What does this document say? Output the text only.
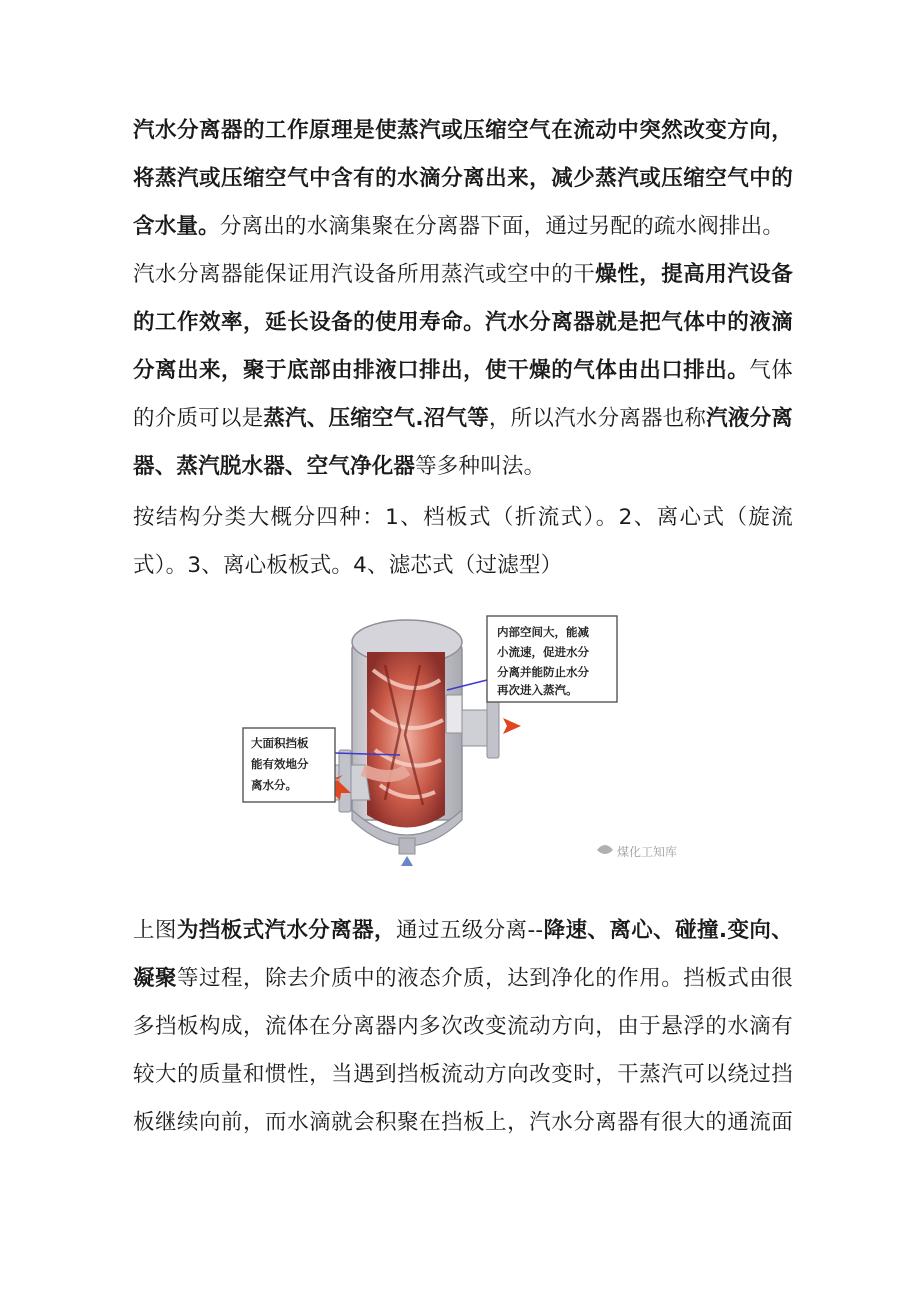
汽水分离器的工作原理是使蒸汽或压缩空气在流动中突然改变方向，
将蒸汽或压缩空气中含有的水滴分离出来，减少蒸汽或压缩空气中的
含水量。分离出的水滴集聚在分离器下面，通过另配的疏水阀排出。
汽水分离器能保证用汽设备所用蒸汽或空中的干燥性，提高用汽设备
的工作效率，延长设备的使用寿命。汽水分离器就是把气体中的液滴
分离出来，聚于底部由排液口排出，使干燥的气体由出口排出。气体
的介质可以是蒸汽、压缩空气.沼气等，所以汽水分离器也称汽液分离
器、蒸汽脱水器、空气净化器等多种叫法。
按结构分类大概分四种：1、档板式（折流式）。2、离心式（旋流
式）。3、离心板板式。4、滤芯式（过滤型）
内部空间大，能减
小流速，促进水分
分离并能防止水分
再次进入蒸汽。
大面积挡板
能有效地分
离水分。
煤化工知库
上图为挡板式汽水分离器，通过五级分离--降速、离心、碰撞.变向、
凝聚等过程，除去介质中的液态介质，达到净化的作用。挡板式由很
多挡板构成，流体在分离器内多次改变流动方向，由于悬浮的水滴有
较大的质量和惯性，当遇到挡板流动方向改变时，干蒸汽可以绕过挡
板继续向前，而水滴就会积聚在挡板上，汽水分离器有很大的通流面
